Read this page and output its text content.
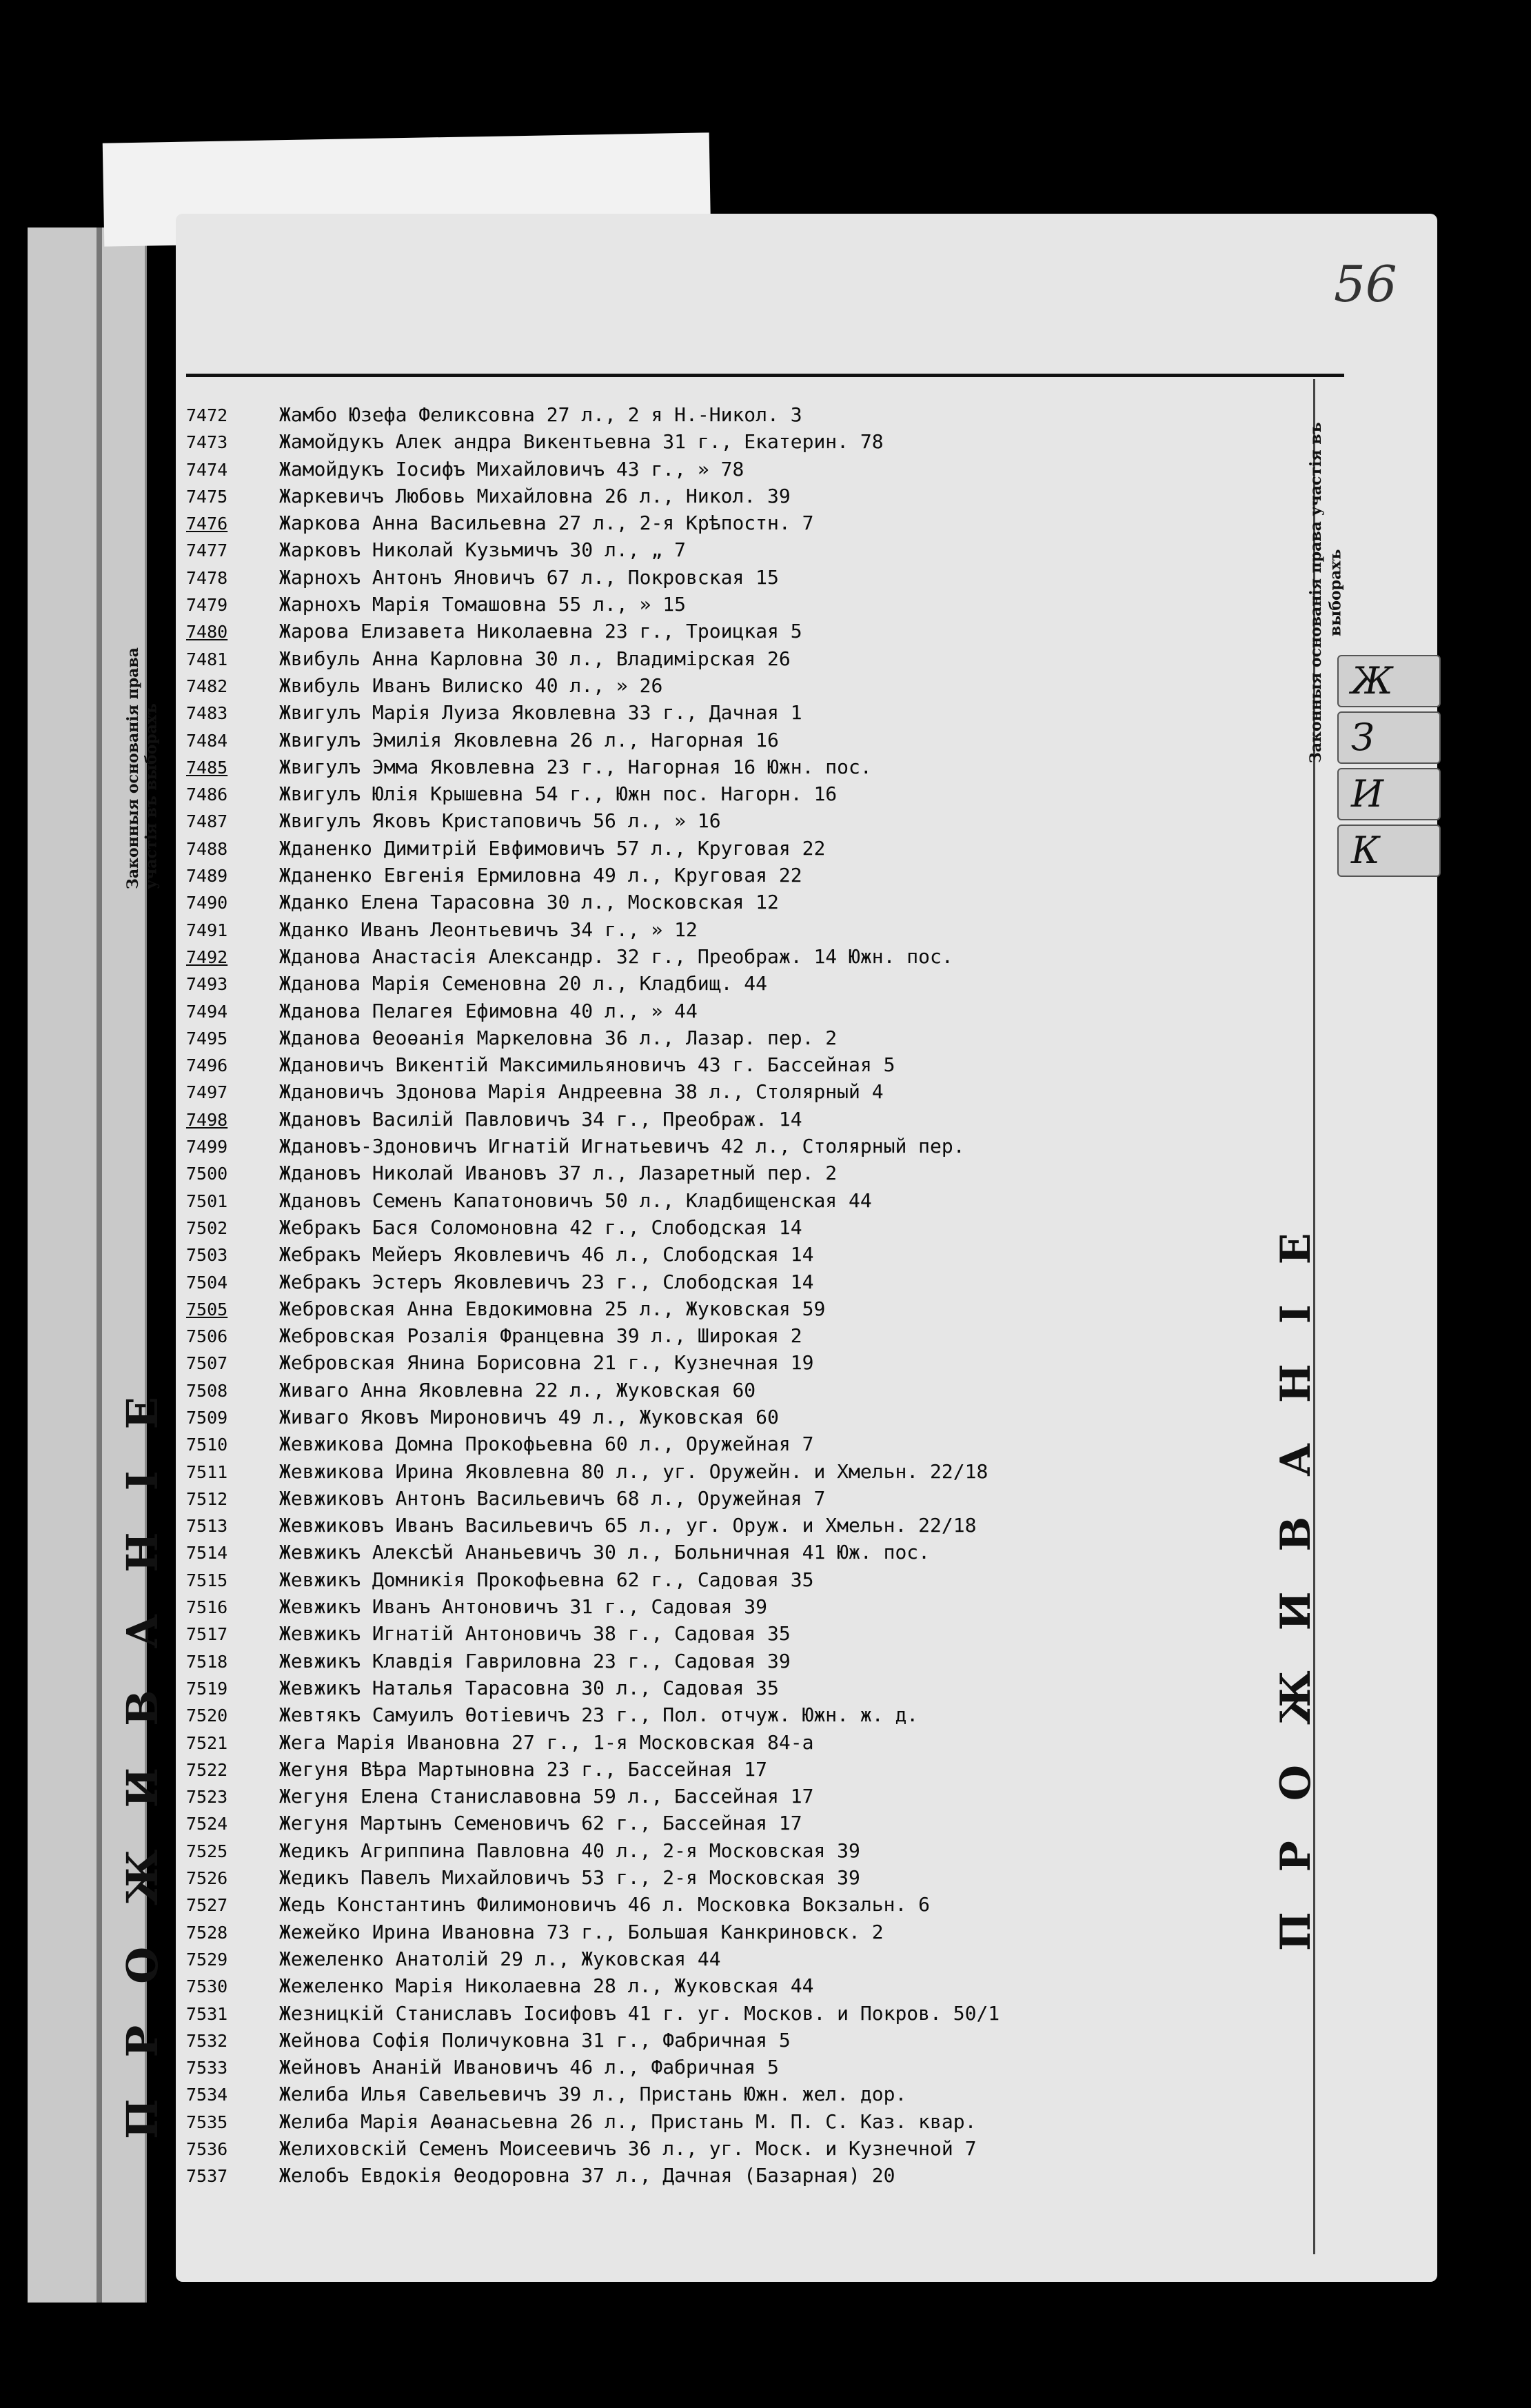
Законныя основанія права участія въ выборахъ
ПРОЖИВАНІЕ
56
Законныя основанія права участія въ выборахъ
ПРОЖИВАНІЕ
Ж
З
И
К
7472	Жамбо Юзефа Феликсовна 27 л., 2 я Н.-Никол. 3
7473	Жамойдукъ Алек андра Викентьевна 31 г., Екатерин. 78
7474	Жамойдукъ Іосифъ Михайловичъ 43 г., » 78
7475	Жаркевичъ Любовь Михайловна 26 л., Никол. 39
7476	Жаркова Анна Васильевна 27 л., 2-я Крѣпостн. 7
7477	Жарковъ Николай Кузьмичъ 30 л., „ 7
7478	Жарнохъ Антонъ Яновичъ 67 л., Покровская 15
7479	Жарнохъ Марія Томашовна 55 л., » 15
7480	Жарова Елизавета Николаевна 23 г., Троицкая 5
7481	Жвибуль Анна Карловна 30 л., Владимірская 26
7482	Жвибуль Иванъ Вилиско 40 л., » 26
7483	Жвигулъ Марія Луиза Яковлевна 33 г., Дачная 1
7484	Жвигулъ Эмилія Яковлевна 26 л., Нагорная 16
7485	Жвигулъ Эмма Яковлевна 23 г., Нагорная 16 Южн. пос.
7486	Жвигулъ Юлія Крышевна 54 г., Южн пос. Нагорн. 16
7487	Жвигулъ Яковъ Кристаповичъ 56 л., » 16
7488	Жданенко Димитрій Евфимовичъ 57 л., Круговая 22
7489	Жданенко Евгенія Ермиловна 49 л., Круговая 22
7490	Жданко Елена Тарасовна 30 л., Московская 12
7491	Жданко Иванъ Леонтьевичъ 34 г., » 12
7492	Жданова Анастасія Александр. 32 г., Преображ. 14 Южн. пос.
7493	Жданова Марія Семеновна 20 л., Кладбищ. 44
7494	Жданова Пелагея Ефимовна 40 л., » 44
7495	Жданова Ѳеоѳанія Маркеловна 36 л., Лазар. пер. 2
7496	Ждановичъ Викентій Максимильяновичъ 43 г. Бассейная 5
7497	Ждановичъ Здонова Марія Андреевна 38 л., Столярный 4
7498	Ждановъ Василій Павловичъ 34 г., Преображ. 14
7499	Ждановъ-Здоновичъ Игнатій Игнатьевичъ 42 л., Столярный пер.
7500	Ждановъ Николай Ивановъ 37 л., Лазаретный пер. 2
7501	Ждановъ Семенъ Капатоновичъ 50 л., Кладбищенская 44
7502	Жебракъ Бася Соломоновна 42 г., Слободская 14
7503	Жебракъ Мейеръ Яковлевичъ 46 л., Слободская 14
7504	Жебракъ Эстеръ Яковлевичъ 23 г., Слободская 14
7505	Жебровская Анна Евдокимовна 25 л., Жуковская 59
7506	Жебровская Розалія Францевна 39 л., Широкая 2
7507	Жебровская Янина Борисовна 21 г., Кузнечная 19
7508	Живаго Анна Яковлевна 22 л., Жуковская 60
7509	Живаго Яковъ Мироновичъ 49 л., Жуковская 60
7510	Жевжикова Домна Прокофьевна 60 л., Оружейная 7
7511	Жевжикова Ирина Яковлевна 80 л., уг. Оружейн. и Хмельн. 22/18
7512	Жевжиковъ Антонъ Васильевичъ 68 л., Оружейная 7
7513	Жевжиковъ Иванъ Васильевичъ 65 л., уг. Оруж. и Хмельн. 22/18
7514	Жевжикъ Алексѣй Ананьевичъ 30 л., Больничная 41 Юж. пос.
7515	Жевжикъ Домникія Прокофьевна 62 г., Садовая 35
7516	Жевжикъ Иванъ Антоновичъ 31 г., Садовая 39
7517	Жевжикъ Игнатій Антоновичъ 38 г., Садовая 35
7518	Жевжикъ Клавдія Гавриловна 23 г., Садовая 39
7519	Жевжикъ Наталья Тарасовна 30 л., Садовая 35
7520	Жевтякъ Самуилъ Ѳотіевичъ 23 г., Пол. отчуж. Южн. ж. д.
7521	Жега Марія Ивановна 27 г., 1-я Московская 84-а
7522	Жегуня Вѣра Мартыновна 23 г., Бассейная 17
7523	Жегуня Елена Станиславовна 59 л., Бассейная 17
7524	Жегуня Мартынъ Семеновичъ 62 г., Бассейная 17
7525	Жедикъ Агриппина Павловна 40 л., 2-я Московская 39
7526	Жедикъ Павелъ Михайловичъ 53 г., 2-я Московская 39
7527	Жедь Константинъ Филимоновичъ 46 л. Московка Вокзальн. 6
7528	Жежейко Ирина Ивановна 73 г., Большая Канкриновск. 2
7529	Жежеленко Анатолій 29 л., Жуковская 44
7530	Жежеленко Марія Николаевна 28 л., Жуковская 44
7531	Жезницкій Станиславъ Іосифовъ 41 г. уг. Москов. и Покров. 50/1
7532	Жейнова Софія Поличуковна 31 г., Фабричная 5
7533	Жейновъ Ананій Ивановичъ 46 л., Фабричная 5
7534	Желиба Илья Савельевичъ 39 л., Пристань Южн. жел. дор.
7535	Желиба Марія Аѳанасьевна 26 л., Пристань М. П. С. Каз. квар.
7536	Желиховскій Семенъ Моисеевичъ 36 л., уг. Моск. и Кузнечной 7
7537	Желобъ Евдокія Ѳеодоровна 37 л., Дачная (Базарная) 20
